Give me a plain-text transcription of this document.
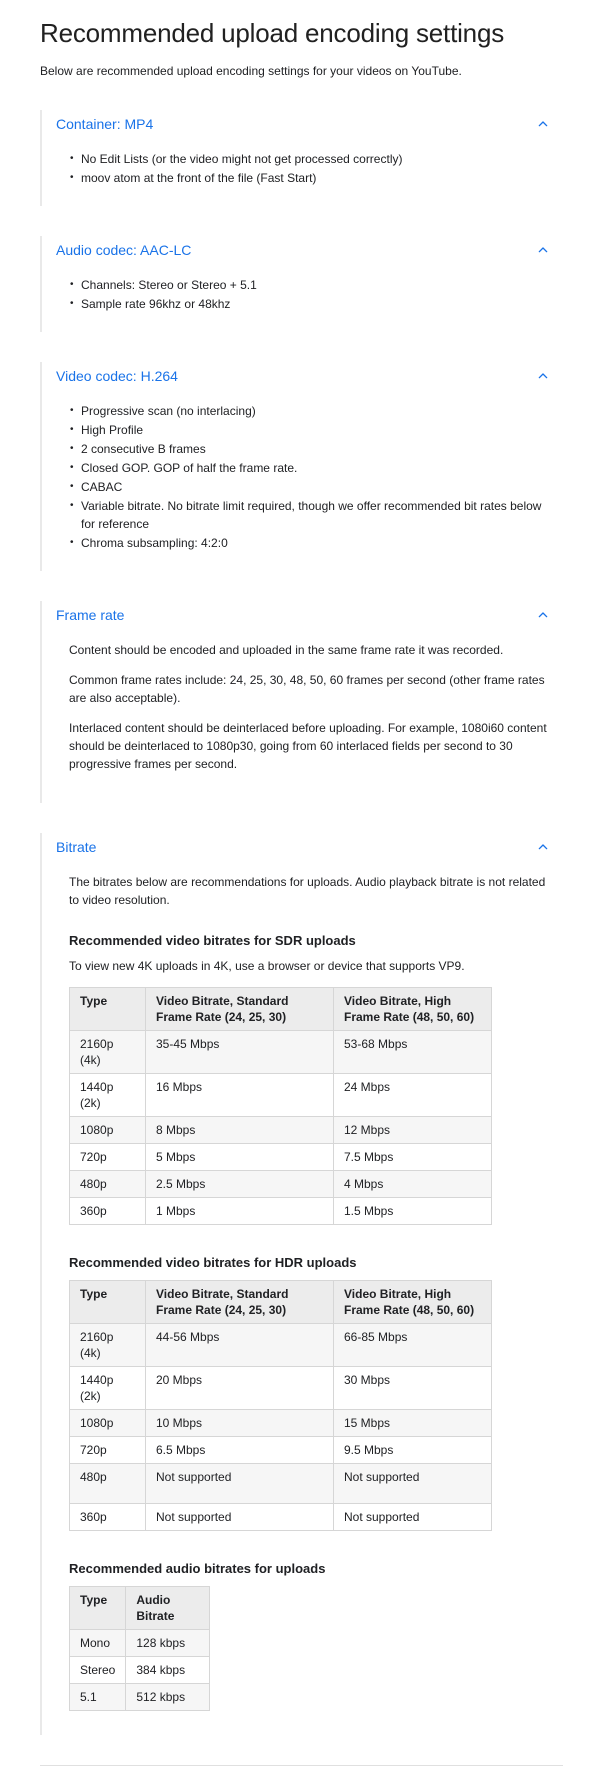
Recommended upload encoding settings

Below are recommended upload encoding settings for your videos on YouTube.

Container: MP4
• No Edit Lists (or the video might not get processed correctly)
• moov atom at the front of the file (Fast Start)
Audio codec: AAC-LC
• Channels: Stereo or Stereo + 5.1
• Sample rate 96khz or 48khz
Video codec: H.264
• Progressive scan (no interlacing)
• High Profile
• 2 consecutive B frames
• Closed GOP. GOP of half the frame rate.
• CABAC
• Variable bitrate. No bitrate limit required, though we offer recommended bit rates below for reference
• Chroma subsampling: 4:2:0
Frame rate

Content should be encoded and uploaded in the same frame rate it was recorded.

Common frame rates include: 24, 25, 30, 48, 50, 60 frames per second (other frame rates are also acceptable).

Interlaced content should be deinterlaced before uploading. For example, 1080i60 content should be deinterlaced to 1080p30, going from 60 interlaced fields per second to 30 progressive frames per second.

Bitrate

The bitrates below are recommendations for uploads. Audio playback bitrate is not related to video resolution.

Recommended video bitrates for SDR uploads

To view new 4K uploads in 4K, use a browser or device that supports VP9.

Type	Video Bitrate, Standard Frame Rate (24, 25, 30)	Video Bitrate, High Frame Rate (48, 50, 60)
2160p (4k)	35-45 Mbps	53-68 Mbps
1440p (2k)	16 Mbps	24 Mbps
1080p	8 Mbps	12 Mbps
720p	5 Mbps	7.5 Mbps
480p	2.5 Mbps	4 Mbps
360p	1 Mbps	1.5 Mbps
Recommended video bitrates for HDR uploads
Type	Video Bitrate, Standard Frame Rate (24, 25, 30)	Video Bitrate, High Frame Rate (48, 50, 60)
2160p (4k)	44-56 Mbps	66-85 Mbps
1440p (2k)	20 Mbps	30 Mbps
1080p	10 Mbps	15 Mbps
720p	6.5 Mbps	9.5 Mbps
480p	Not supported	Not supported
360p	Not supported	Not supported
Recommended audio bitrates for uploads
Type	Audio Bitrate
Mono	128 kbps
Stereo	384 kbps
5.1	512 kbps
